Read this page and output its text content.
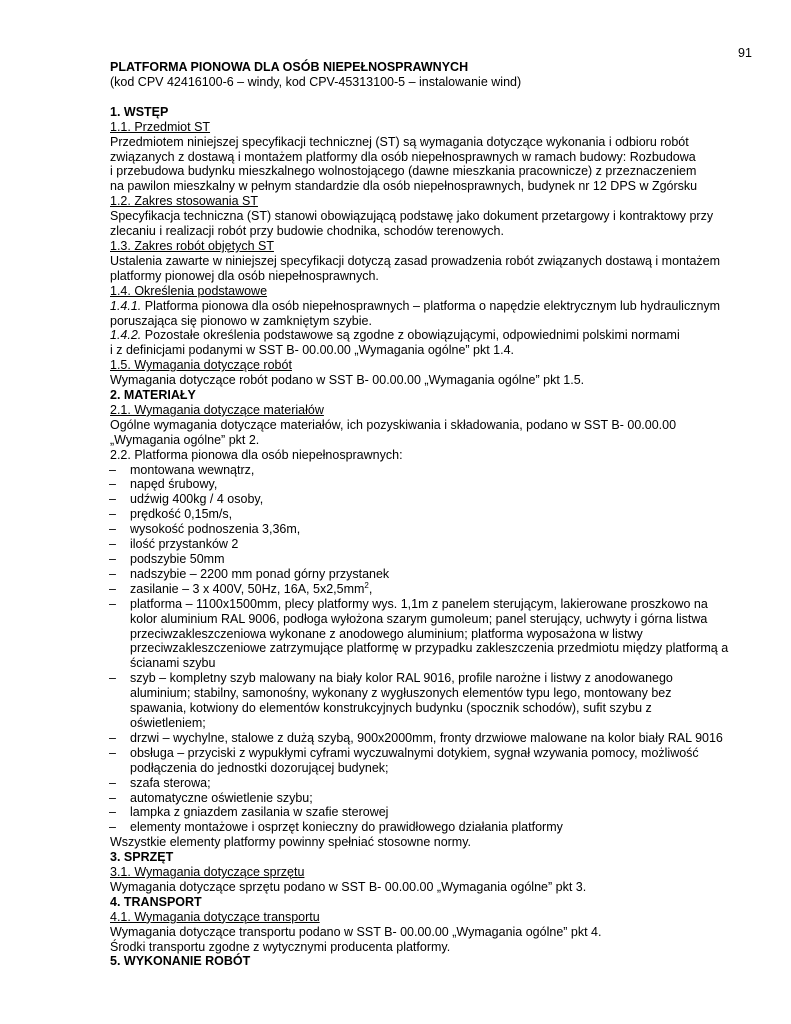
91
PLATFORMA PIONOWA DLA OSÓB NIEPEŁNOSPRAWNYCH
(kod CPV 42416100-6 – windy, kod CPV-45313100-5 – instalowanie wind)
1. WSTĘP
1.1. Przedmiot ST
Przedmiotem niniejszej specyfikacji technicznej (ST) są wymagania dotyczące wykonania i odbioru robót
związanych z dostawą i montażem platformy dla osób niepełnosprawnych w ramach budowy: Rozbudowa
i przebudowa budynku mieszkalnego wolnostojącego (dawne mieszkania pracownicze) z przeznaczeniem
na pawilon mieszkalny w pełnym standardzie dla osób niepełnosprawnych, budynek nr 12 DPS w Zgórsku
1.2. Zakres stosowania ST
Specyfikacja techniczna (ST) stanowi obowiązującą podstawę jako dokument przetargowy i kontraktowy przy
zlecaniu i realizacji robót przy budowie chodnika, schodów terenowych.
1.3. Zakres robót objętych ST
Ustalenia zawarte w niniejszej specyfikacji dotyczą zasad prowadzenia robót związanych dostawą i montażem
platformy pionowej dla osób niepełnosprawnych.
1.4. Określenia podstawowe
1.4.1. Platforma pionowa dla osób niepełnosprawnych – platforma o napędzie elektrycznym lub hydraulicznym
poruszająca się pionowo w zamkniętym szybie.
1.4.2. Pozostałe określenia podstawowe są zgodne z obowiązującymi, odpowiednimi polskimi normami
i z definicjami podanymi w SST B- 00.00.00 „Wymagania ogólne” pkt 1.4.
1.5. Wymagania dotyczące robót
Wymagania dotyczące robót podano w SST B- 00.00.00 „Wymagania ogólne” pkt 1.5.
2. MATERIAŁY
2.1. Wymagania dotyczące materiałów
Ogólne wymagania dotyczące materiałów, ich pozyskiwania i składowania, podano w SST B- 00.00.00
„Wymagania ogólne” pkt 2.
2.2. Platforma pionowa dla osób niepełnosprawnych:
– montowana wewnątrz,
– napęd śrubowy,
– udźwig 400kg / 4 osoby,
– prędkość 0,15m/s,
– wysokość podnoszenia 3,36m,
– ilość przystanków 2
– podszybie 50mm
– nadszybie – 2200 mm ponad górny przystanek
– zasilanie – 3 x 400V, 50Hz, 16A, $5x2,5mm^2$,
– platforma – 1100x1500mm, plecy platformy wys. 1,1m z panelem sterującym, lakierowane proszkowo na
kolor aluminium RAL 9006, podłoga wyłożona szarym gumoleum; panel sterujący, uchwyty i górna listwa
przeciwzakleszczeniowa wykonane z anodowego aluminium; platforma wyposażona w listwy
przeciwzakleszczeniowe zatrzymujące platformę w przypadku zakleszczenia przedmiotu między platformą a
ścianami szybu
– szyb – kompletny szyb malowany na biały kolor RAL 9016, profile narożne i listwy z anodowanego
aluminium; stabilny, samonośny, wykonany z wygłuszonych elementów typu lego, montowany bez
spawania, kotwiony do elementów konstrukcyjnych budynku (spocznik schodów), sufit szybu z
oświetleniem;
– drzwi – wychylne, stalowe z dużą szybą, 900x2000mm, fronty drzwiowe malowane na kolor biały RAL 9016
– obsługa – przyciski z wypukłymi cyframi wyczuwalnymi dotykiem, sygnał wzywania pomocy, możliwość
podłączenia do jednostki dozorującej budynek;
– szafa sterowa;
– automatyczne oświetlenie szybu;
– lampka z gniazdem zasilania w szafie sterowej
– elementy montażowe i osprzęt konieczny do prawidłowego działania platformy
Wszystkie elementy platformy powinny spełniać stosowne normy.
3. SPRZĘT
3.1. Wymagania dotyczące sprzętu
Wymagania dotyczące sprzętu podano w SST B- 00.00.00 „Wymagania ogólne” pkt 3.
4. TRANSPORT
4.1. Wymagania dotyczące transportu
Wymagania dotyczące transportu podano w SST B- 00.00.00 „Wymagania ogólne” pkt 4.
Środki transportu zgodne z wytycznymi producenta platformy.
5. WYKONANIE ROBÓT
